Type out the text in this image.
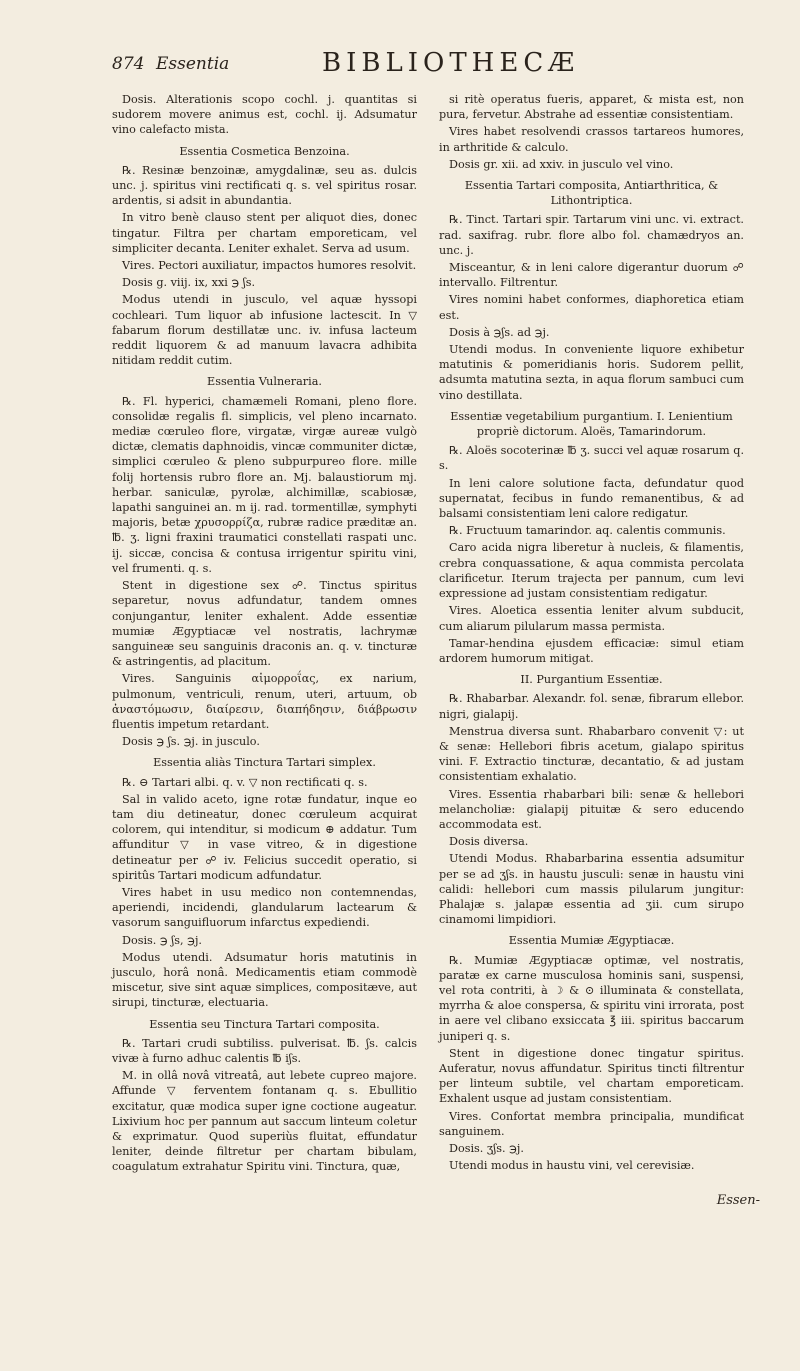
874 Essentia	BIBLIOTHECÆ

Dosis. Alterationis scopo cochl. j. quantitas si sudorem movere animus est, cochl. ij. Adsumatur vino calefacto mista.

Essentia Cosmetica Benzoina.

℞. Resinæ benzoinæ, amygdalinæ, seu as. dulcis unc. j. spiritus vini rectificati q. s. vel spiritus rosar. ardentis, si adsit in abundantia.

In vitro benè clauso stent per aliquot dies, donec tingatur. Filtra per chartam emporeticam, vel simpliciter decanta. Leniter exhalet. Serva ad usum.

Vires. Pectori auxiliatur, impactos humores resolvit.

Dosis g. viij. ix, xxi ℈ ʃs.

Modus utendi in jusculo, vel aquæ hyssopi cochleari. Tum liquor ab infusione lactescit. In ▽ fabarum florum destillatæ unc. iv. infusa lacteum reddit liquorem & ad manuum lavacra adhibita nitidam reddit cutim.

Essentia Vulneraria.

℞. Fl. hyperici, chamæmeli Romani, pleno flore. consolidæ regalis fl. simplicis, vel pleno incarnato. mediæ cœruleo flore, virgatæ, virgæ aureæ vulgò dictæ, clematis daphnoidis, vincæ communiter dictæ, simplici cœruleo & pleno subpurpureo flore. mille folij hortensis rubro flore an. Mj. balaustiorum mj. herbar. saniculæ, pyrolæ, alchimillæ, scabiosæ, lapathi sanguinei an. m ij. rad. tormentillæ, symphyti majoris, betæ χρυσορρίζα, rubræ radice præditæ an. ℔. ʒ. ligni fraxini traumatici constellati raspati unc. ij. siccæ, concisa & contusa irrigentur spiritu vini, vel frumenti. q. s.

Stent in digestione sex ☍. Tinctus spiritus separetur, novus adfundatur, tandem omnes conjungantur, leniter exhalent. Adde essentiæ mumiæ Ægyptiacæ vel nostratis, lachrymæ sanguineæ seu sanguinis draconis an. q. v. tincturæ & astringentis, ad placitum.

Vires. Sanguinis αἱμορροΐας, ex narium, pulmonum, ventriculi, renum, uteri, artuum, ob ἀναστόμωσιν, διαίρεσιν, διαπήδησιν, διάβρωσιν fluentis impetum retardant.

Dosis ℈ ʃs. ℈j. in jusculo.

Essentia aliàs Tinctura Tartari simplex.

℞. ⊖ Tartari albi. q. v. ▽ non rectificati q. s.

Sal in valido aceto, igne rotæ fundatur, inque eo tam diu detineatur, donec cœruleum acquirat colorem, qui intenditur, si modicum ⊕ addatur. Tum affunditur ▽ in vase vitreo, & in digestione detineatur per ☍ iv. Felicius succedit operatio, si spiritûs Tartari modicum adfundatur.

Vires habet in usu medico non contemnendas, aperiendi, incidendi, glandularum lactearum & vasorum sanguifluorum infarctus expediendi.

Dosis. ℈ ʃs, ℈j.

Modus utendi. Adsumatur horis matutinis in jusculo, horâ nonâ. Medicamentis etiam commodè miscetur, sive sint aquæ simplices, compositæve, aut sirupi, tincturæ, electuaria.

Essentia seu Tinctura Tartari composita.

℞. Tartari crudi subtiliss. pulverisat. ℔. ʃs. calcis vivæ à furno adhuc calentis ℔ iʃs.

M. in ollâ novâ vitreatâ, aut lebete cupreo majore. Affunde ▽ ferventem fontanam q. s. Ebullitio excitatur, quæ modica super igne coctione augeatur. Lixivium hoc per pannum aut saccum linteum coletur & exprimatur. Quod superiùs fluitat, effundatur leniter, deinde filtretur per chartam bibulam, coagulatum extrahatur Spiritu vini. Tinctura, quæ,

si ritè operatus fueris, apparet, & mista est, non pura, fervetur. Abstrahe ad essentiæ consistentiam.

Vires habet resolvendi crassos tartareos humores, in arthritide & calculo.

Dosis gr. xii. ad xxiv. in jusculo vel vino.

Essentia Tartari composita, Antiarthritica, & Lithontriptica.

℞. Tinct. Tartari spir. Tartarum vini unc. vi. extract. rad. saxifrag. rubr. flore albo fol. chamædryos an. unc. j.

Misceantur, & in leni calore digerantur duorum ☍ intervallo. Filtrentur.

Vires nomini habet conformes, diaphoretica etiam est.

Dosis à ℈ʃs. ad ℈j.

Utendi modus. In conveniente liquore exhibetur matutinis & pomeridianis horis. Sudorem pellit, adsumta matutina sezta, in aqua florum sambuci cum vino destillata.

Essentiæ vegetabilium purgantium. I. Lenientium propriè dictorum. Aloës, Tamarindorum.

℞. Aloës socoterinæ ℔ ʒ. succi vel aquæ rosarum q. s.

In leni calore solutione facta, defundatur quod supernatat, fecibus in fundo remanentibus, & ad balsami consistentiam leni calore redigatur.

℞. Fructuum tamarindor. aq. calentis communis.

Caro acida nigra liberetur à nucleis, & filamentis, crebra conquassatione, & aqua commista percolata clarificetur. Iterum trajecta per pannum, cum levi expressione ad justam consistentiam redigatur.

Vires. Aloetica essentia leniter alvum subducit, cum aliarum pilularum massa permista.

Tamar-hendina ejusdem efficaciæ: simul etiam ardorem humorum mitigat.

II. Purgantium Essentiæ.

℞. Rhabarbar. Alexandr. fol. senæ, fibrarum ellebor. nigri, gialapij.

Menstrua diversa sunt. Rhabarbaro convenit ▽: ut & senæ: Hellebori fibris acetum, gialapo spiritus vini. F. Extractio tincturæ, decantatio, & ad justam consistentiam exhalatio.

Vires. Essentia rhabarbari bili: senæ & hellebori melancholiæ: gialapij pituitæ & sero educendo accommodata est.

Dosis diversa.

Utendi Modus. Rhabarbarina essentia adsumitur per se ad ʒʃs. in haustu jusculi: senæ in haustu vini calidi: hellebori cum massis pilularum jungitur: Phalajæ s. jalapæ essentia ad ʒii. cum sirupo cinamomi limpidiori.

Essentia Mumiæ Ægyptiacæ.

℞. Mumiæ Ægyptiacæ optimæ, vel nostratis, paratæ ex carne musculosa hominis sani, suspensi, vel rota contriti, à ☽ & ⊙ illuminata & constellata, myrrha & aloe conspersa, & spiritu vini irrorata, post in aere vel clibano exsiccata ℥ iii. spiritus baccarum juniperi q. s.

Stent in digestione donec tingatur spiritus. Auferatur, novus affundatur. Spiritus tincti filtrentur per linteum subtile, vel chartam emporeticam. Exhalent usque ad justam consistentiam.

Vires. Confortat membra principalia, mundificat sanguinem.

Dosis. ʒʃs. ℈j.

Utendi modus in haustu vini, vel cerevisiæ.

Essen-
